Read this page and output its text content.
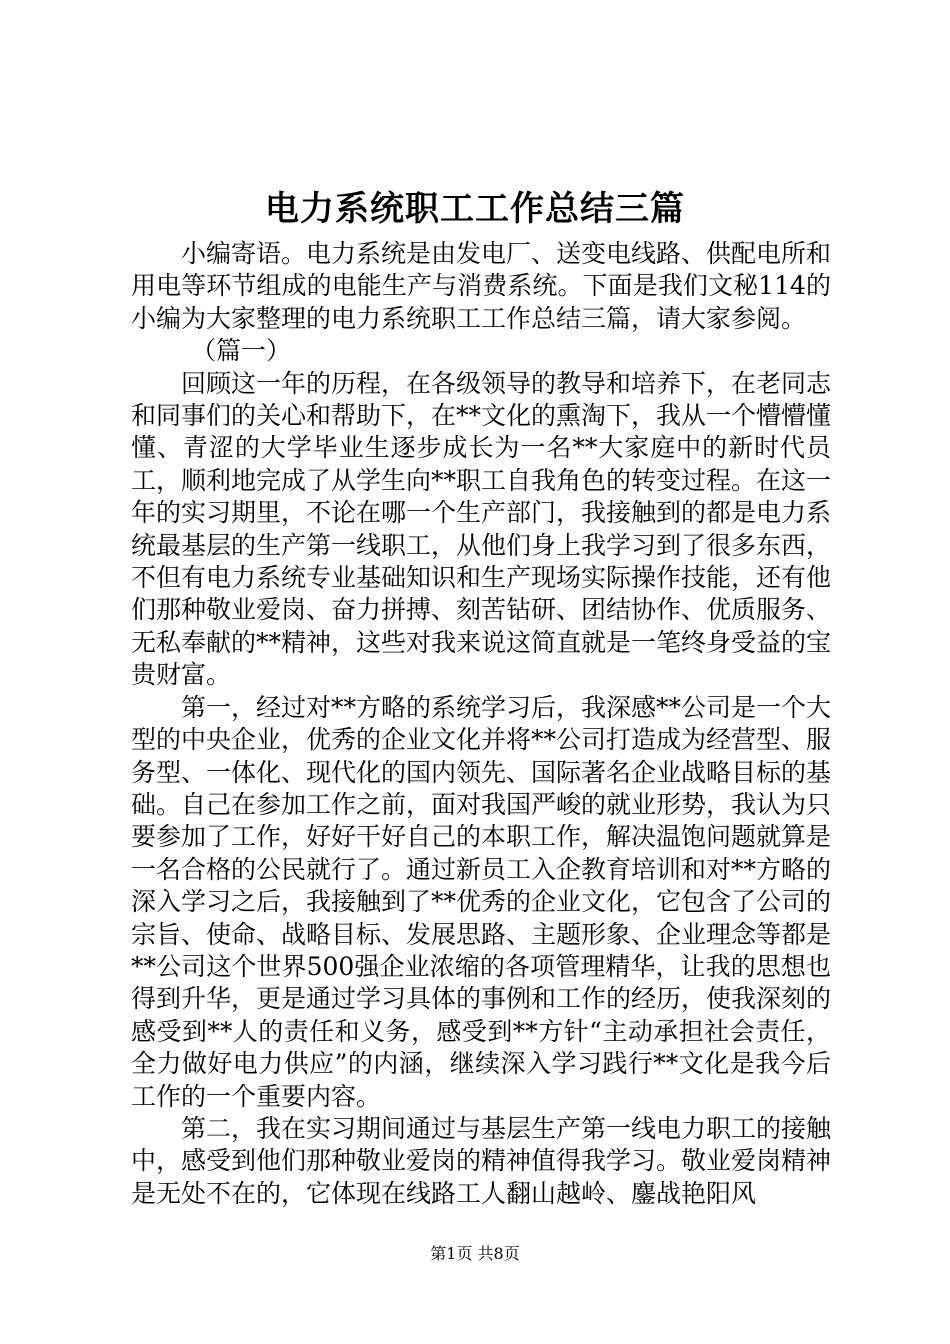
电力系统职工工作总结三篇

小编寄语。电力系统是由发电厂、送变电线路、供配电所和用电等环节组成的电能生产与消费系统。下面是我们文秘114的小编为大家整理的电力系统职工工作总结三篇，请大家参阅。

（篇一）

回顾这一年的历程，在各级领导的教导和培养下，在老同志和同事们的关心和帮助下，在**文化的熏淘下，我从一个懵懵懂懂、青涩的大学毕业生逐步成长为一名**大家庭中的新时代员工，顺利地完成了从学生向**职工自我角色的转变过程。在这一年的实习期里，不论在哪一个生产部门，我接触到的都是电力系统最基层的生产第一线职工，从他们身上我学习到了很多东西，不但有电力系统专业基础知识和生产现场实际操作技能，还有他们那种敬业爱岗、奋力拼搏、刻苦钻研、团结协作、优质服务、无私奉献的**精神，这些对我来说这简直就是一笔终身受益的宝贵财富。

第一，经过对**方略的系统学习后，我深感**公司是一个大型的中央企业，优秀的企业文化并将**公司打造成为经营型、服务型、一体化、现代化的国内领先、国际著名企业战略目标的基础。自己在参加工作之前，面对我国严峻的就业形势，我认为只要参加了工作，好好干好自己的本职工作，解决温饱问题就算是一名合格的公民就行了。通过新员工入企教育培训和对**方略的深入学习之后，我接触到了**优秀的企业文化，它包含了公司的宗旨、使命、战略目标、发展思路、主题形象、企业理念等都是**公司这个世界500强企业浓缩的各项管理精华，让我的思想也得到升华，更是通过学习具体的事例和工作的经历，使我深刻的感受到**人的责任和义务，感受到**方针“主动承担社会责任，全力做好电力供应”的内涵，继续深入学习践行**文化是我今后工作的一个重要内容。

第二，我在实习期间通过与基层生产第一线电力职工的接触中，感受到他们那种敬业爱岗的精神值得我学习。敬业爱岗精神是无处不在的，它体现在线路工人翻山越岭、鏖战艳阳风

第1页 共8页
